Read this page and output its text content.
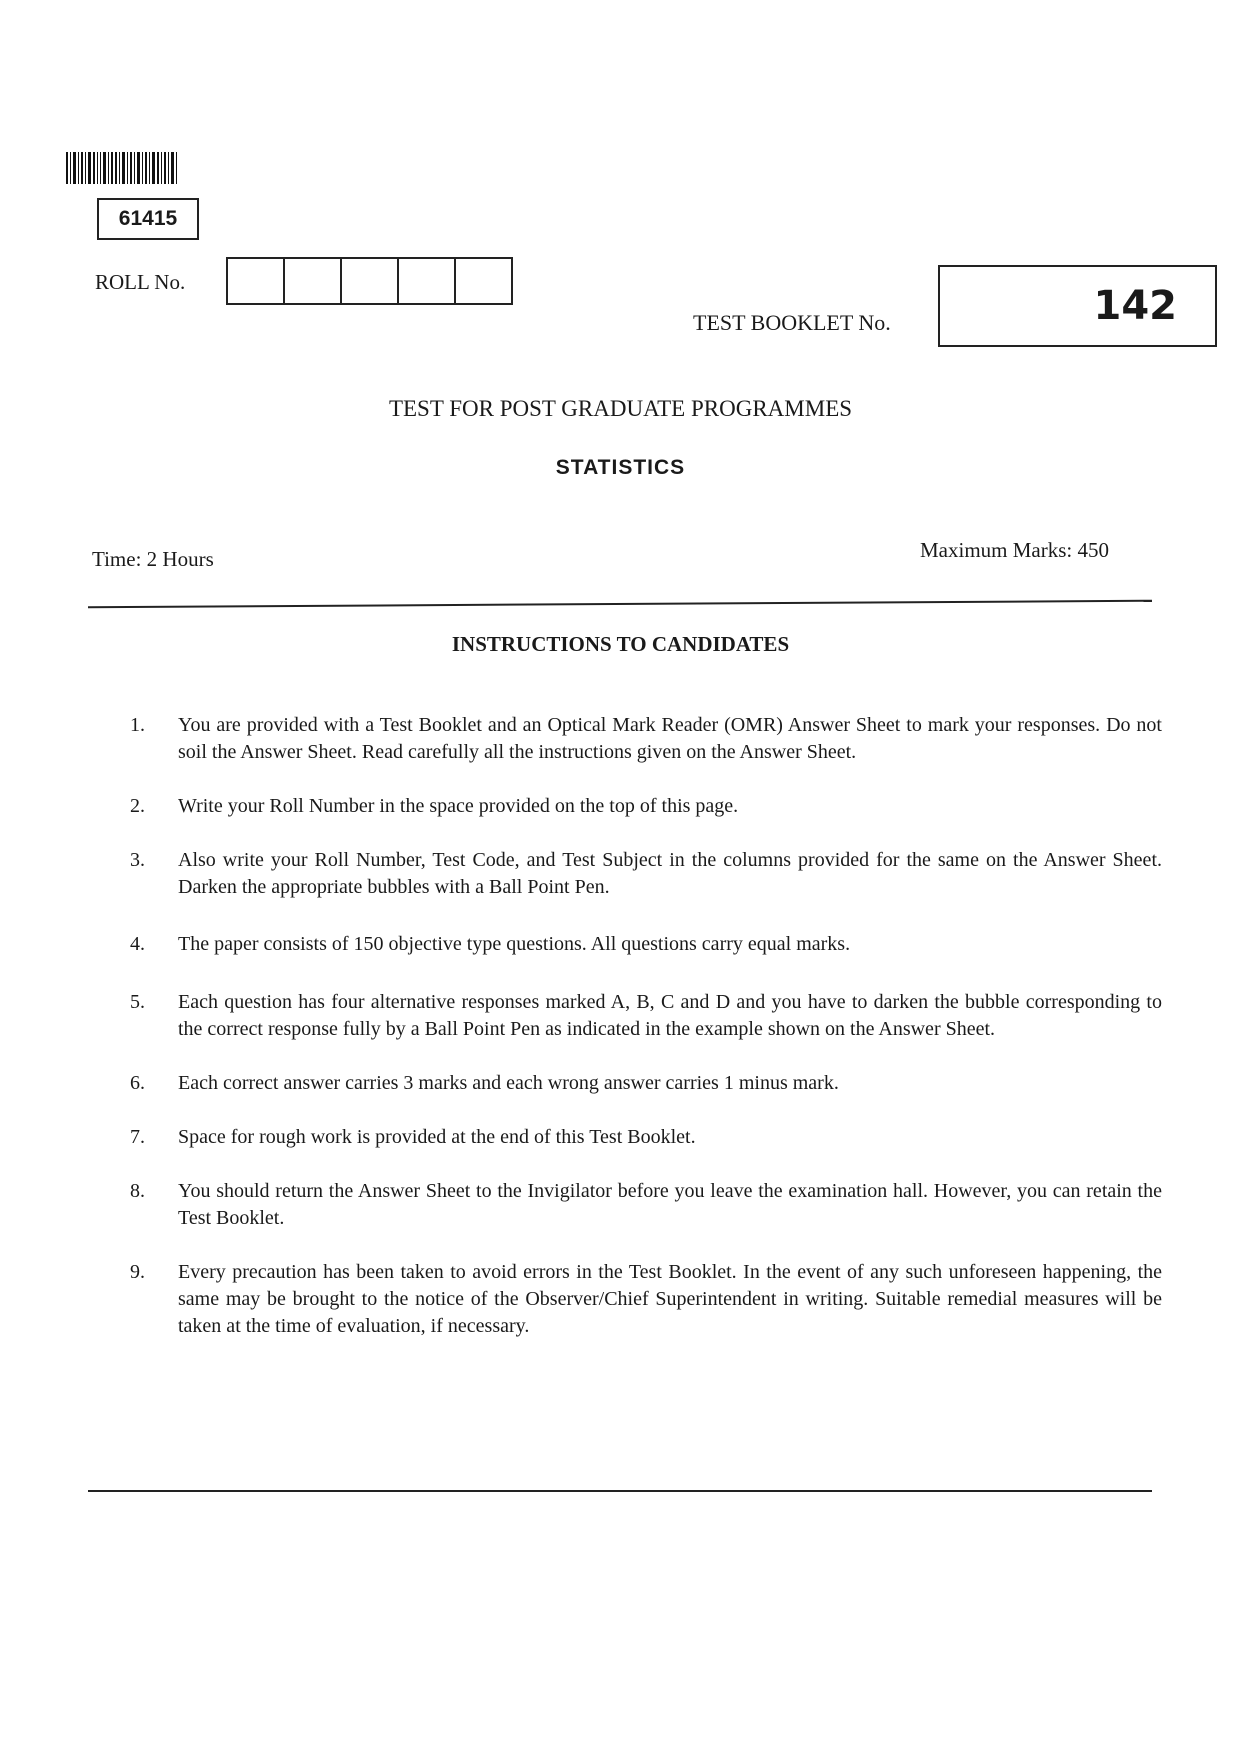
61415
ROLL No.
TEST BOOKLET No.	142
TEST FOR POST GRADUATE PROGRAMMES
STATISTICS
Time: 2 Hours	Maximum Marks: 450
INSTRUCTIONS TO CANDIDATES
1.	You are provided with a Test Booklet and an Optical Mark Reader (OMR) Answer Sheet to mark your responses. Do not soil the Answer Sheet. Read carefully all the instructions given on the Answer Sheet.
2.	Write your Roll Number in the space provided on the top of this page.
3.	Also write your Roll Number, Test Code, and Test Subject in the columns provided for the same on the Answer Sheet. Darken the appropriate bubbles with a Ball Point Pen.
4.	The paper consists of 150 objective type questions. All questions carry equal marks.
5.	Each question has four alternative responses marked A, B, C and D and you have to darken the bubble corresponding to the correct response fully by a Ball Point Pen as indicated in the example shown on the Answer Sheet.
6.	Each correct answer carries 3 marks and each wrong answer carries 1 minus mark.
7.	Space for rough work is provided at the end of this Test Booklet.
8.	You should return the Answer Sheet to the Invigilator before you leave the examination hall. However, you can retain the Test Booklet.
9.	Every precaution has been taken to avoid errors in the Test Booklet. In the event of any such unforeseen happening, the same may be brought to the notice of the Observer/Chief Superintendent in writing. Suitable remedial measures will be taken at the time of evaluation, if necessary.
